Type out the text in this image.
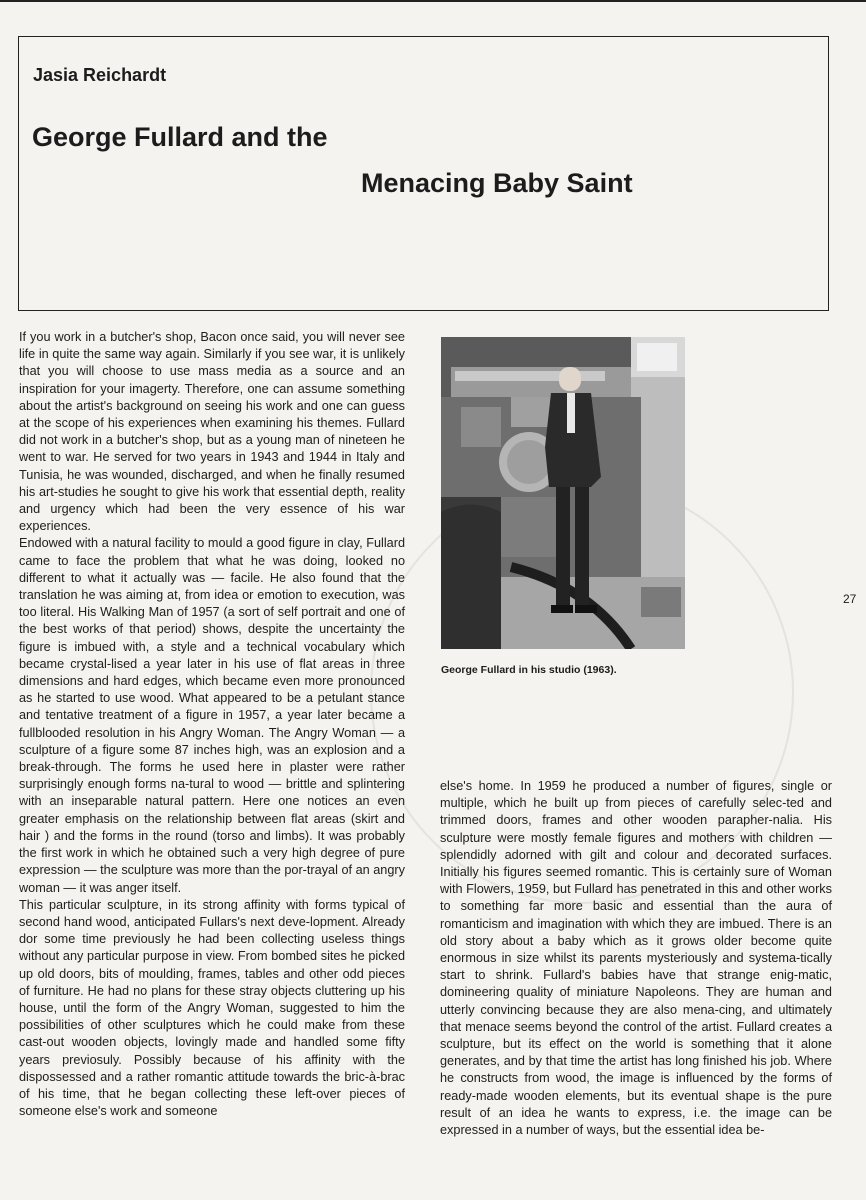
Jasia Reichardt
George Fullard and the
Menacing Baby Saint

If you work in a butcher's shop, Bacon once said, you will never see life in quite the same way again. Similarly if you see war, it is unlikely that you will choose to use mass media as a source and an inspiration for your imagerty. Therefore, one can assume something about the artist's background on seeing his work and one can guess at the scope of his experiences when examining his themes. Fullard did not work in a butcher's shop, but as a young man of nineteen he went to war. He served for two years in 1943 and 1944 in Italy and Tunisia, he was wounded, discharged, and when he finally resumed his art-studies he sought to give his work that essential depth, reality and urgency which had been the very essence of his war experiences.

Endowed with a natural facility to mould a good figure in clay, Fullard came to face the problem that what he was doing, looked no different to what it actually was — facile. He also found that the translation he was aiming at, from idea or emotion to execution, was too literal. His Walking Man of 1957 (a sort of self portrait and one of the best works of that period) shows, despite the uncertainty the figure is imbued with, a style and a technical vocabulary which became crystal-lised a year later in his use of flat areas in three dimensions and hard edges, which became even more pronounced as he started to use wood. What appeared to be a petulant stance and tentative treatment of a figure in 1957, a year later became a fullblooded resolution in his Angry Woman. The Angry Woman — a sculpture of a figure some 87 inches high, was an explosion and a break-through. The forms he used here in plaster were rather surprisingly enough forms na-tural to wood — brittle and splintering with an inseparable natural pattern. Here one notices an even greater emphasis on the relationship between flat areas (skirt and hair ) and the forms in the round (torso and limbs). It was probably the first work in which he obtained such a very high degree of pure expression — the sculpture was more than the por-trayal of an angry woman — it was anger itself.

This particular sculpture, in its strong affinity with forms typical of second hand wood, anticipated Fullars's next deve-lopment. Already dor some time previously he had been collecting useless things without any particular purpose in view. From bombed sites he picked up old doors, bits of moulding, frames, tables and other odd pieces of furniture. He had no plans for these stray objects cluttering up his house, until the form of the Angry Woman, suggested to him the possibilities of other sculptures which he could make from these cast-out wooden objects, lovingly made and handled some fifty years previosuly. Possibly because of his affinity with the dispossessed and a rather romantic attitude towards the bric-à-brac of his time, that he began collecting these left-over pieces of someone else's work and someone

George Fullard in his studio (1963).
27

else's home. In 1959 he produced a number of figures, single or multiple, which he built up from pieces of carefully selec-ted and trimmed doors, frames and other wooden parapher-nalia. His sculpture were mostly female figures and mothers with children — splendidly adorned with gilt and colour and decorated surfaces. Initially his figures seemed romantic. This is certainly sure of Woman with Flowers, 1959, but Fullard has penetrated in this and other works to something far more basic and essential than the aura of romanticism and imagination with which they are imbued. There is an old story about a baby which as it grows older become quite enormous in size whilst its parents mysteriously and systema-tically start to shrink. Fullard's babies have that strange enig-matic, domineering quality of miniature Napoleons. They are human and utterly convincing because they are also mena-cing, and ultimately that menace seems beyond the control of the artist. Fullard creates a sculpture, but its effect on the world is something that it alone generates, and by that time the artist has long finished his job. Where he constructs from wood, the image is influenced by the forms of ready-made wooden elements, but its eventual shape is the pure result of an idea he wants to express, i.e. the image can be expressed in a number of ways, but the essential idea be-
